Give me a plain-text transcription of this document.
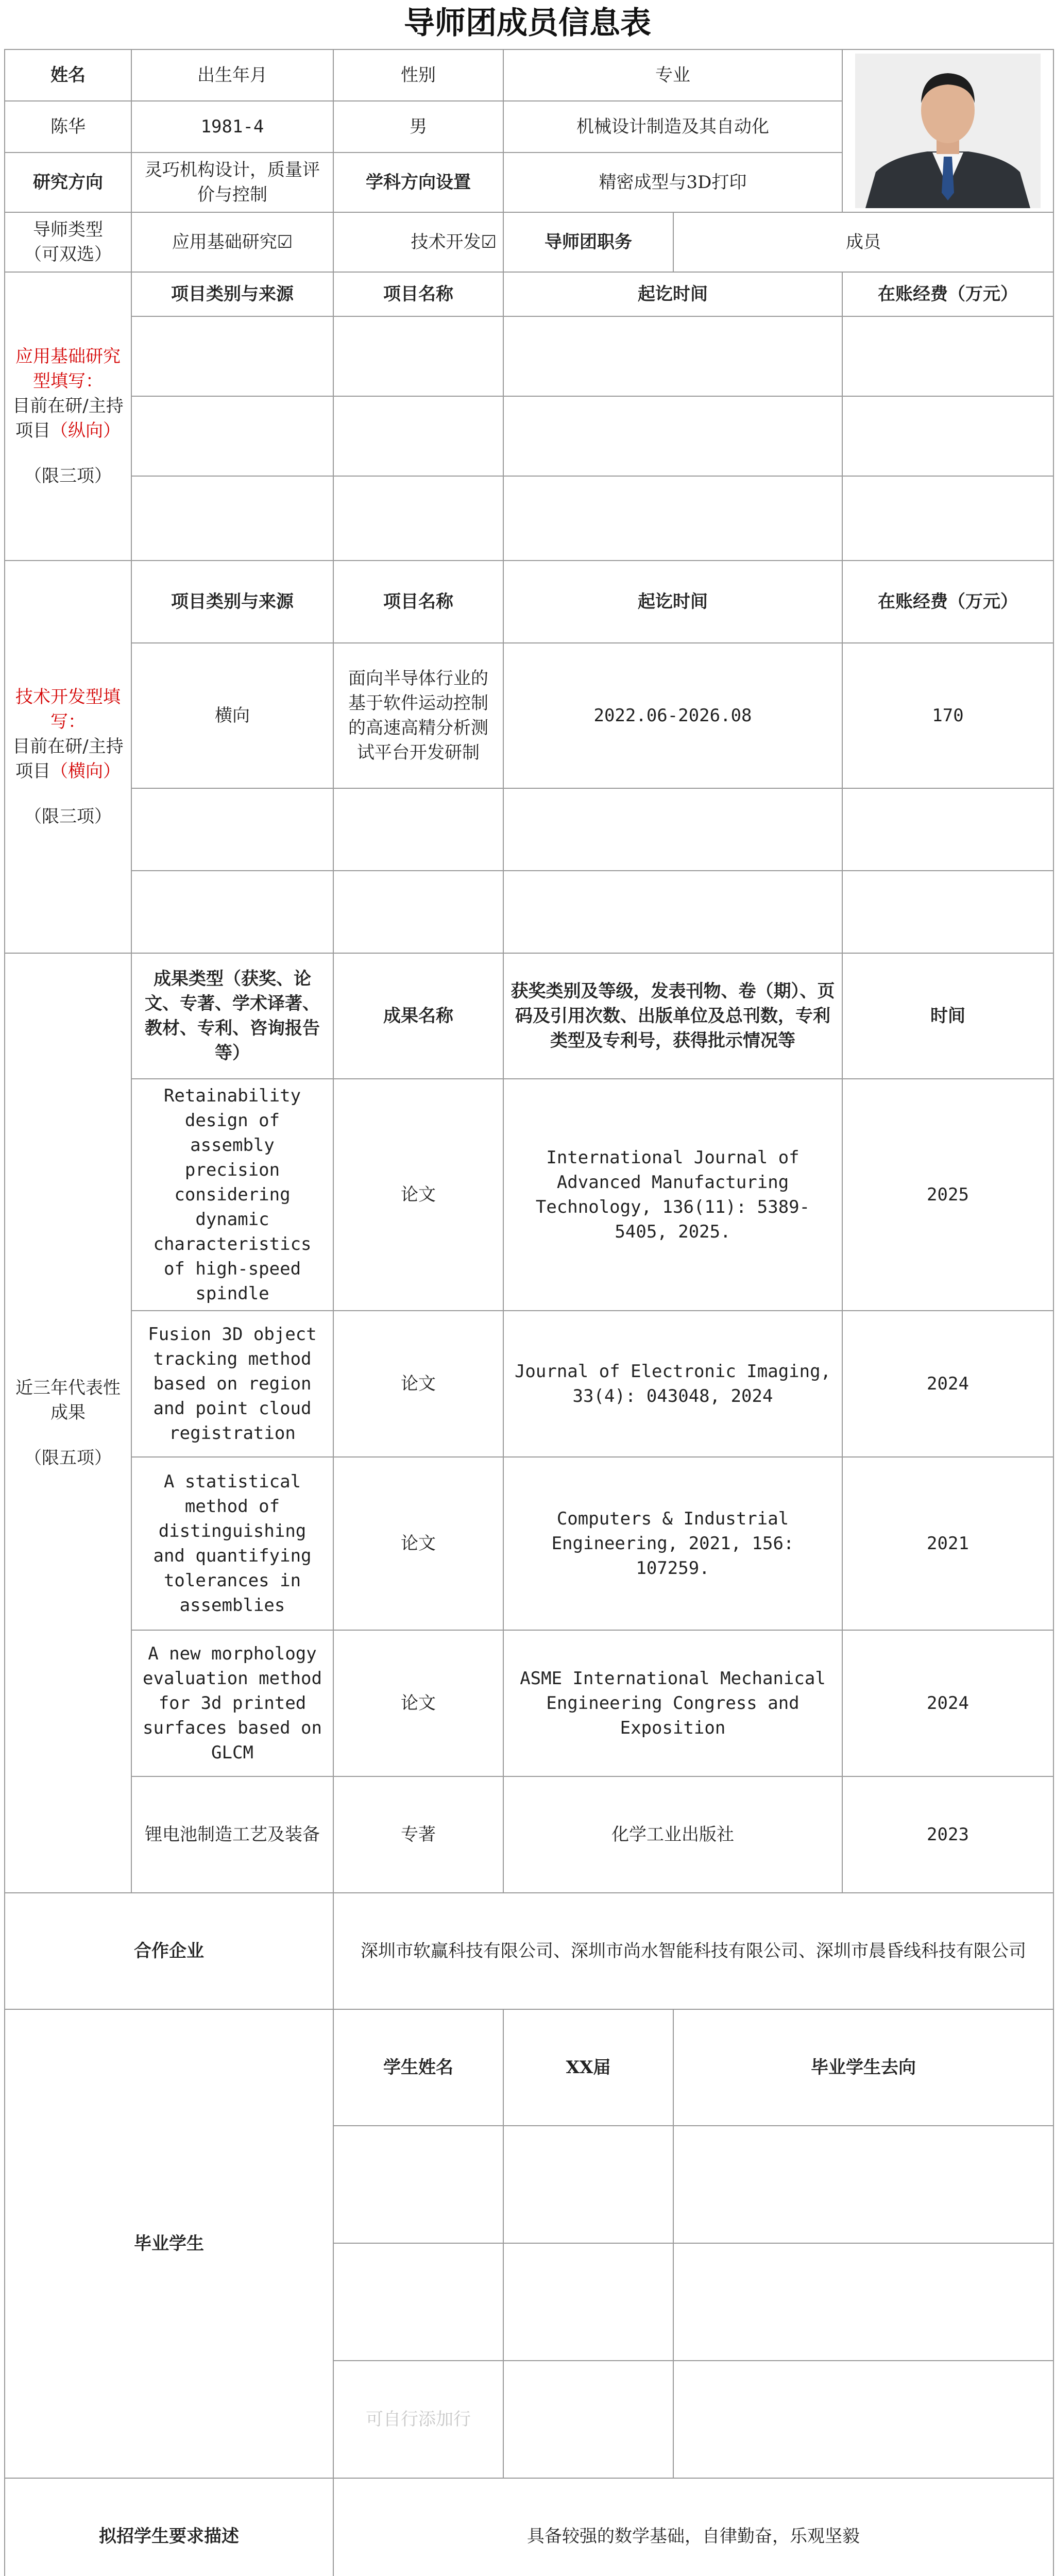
导师团成员信息表
姓名	出生年月	性别	专业	

陈华	1981-4	男	机械设计制造及其自动化		
研究方向	灵巧机构设计，质量评价与控制	学科方向设置	精密成型与3D打印		

导师类型
（可双选）	应用基础研究☑	技术开发☑	导师团职务	成员	

应用基础研究型填写：
目前在研/主持项目（纵向）
（限三项）	项目类别与来源	项目名称	起讫时间		在账经费（万元）

技术开发型填写：
目前在研/主持项目（横向）
（限三项）	项目类别与来源	项目名称	起讫时间		在账经费（万元）
	横向	面向半导体行业的基于软件运动控制的高速高精分析测试平台开发研制	2022.06-2026.08		170

近三年代表性成果
（限五项）	成果类型（获奖、论文、专著、学术译著、教材、专利、咨询报告等）	成果名称	获奖类别及等级，发表刊物、卷（期）、页码及引用次数、出版单位及总刊数，专利类型及专利号，获得批示情况等		时间
	Retainability design of assembly precision considering dynamic characteristics of high-speed spindle	论文	International Journal of Advanced Manufacturing Technology, 136(11): 5389-5405, 2025.		2025
	Fusion 3D object tracking method based on region and point cloud registration	论文	Journal of Electronic Imaging, 33(4): 043048, 2024		2024
	A statistical method of distinguishing and quantifying tolerances in assemblies	论文	Computers & Industrial Engineering, 2021, 156: 107259.		2021
	A new morphology evaluation method for 3d printed surfaces based on GLCM	论文	ASME International Mechanical Engineering Congress and Exposition		2024
	锂电池制造工艺及装备	专著	化学工业出版社		2023
合作企业		深圳市软赢科技有限公司、深圳市尚水智能科技有限公司、深圳市晨昏线科技有限公司			
毕业学生		学生姓名	XX届	毕业学生去向	

		可自行添加行			
拟招学生要求描述		具备较强的数学基础，自律勤奋，乐观坚毅			
